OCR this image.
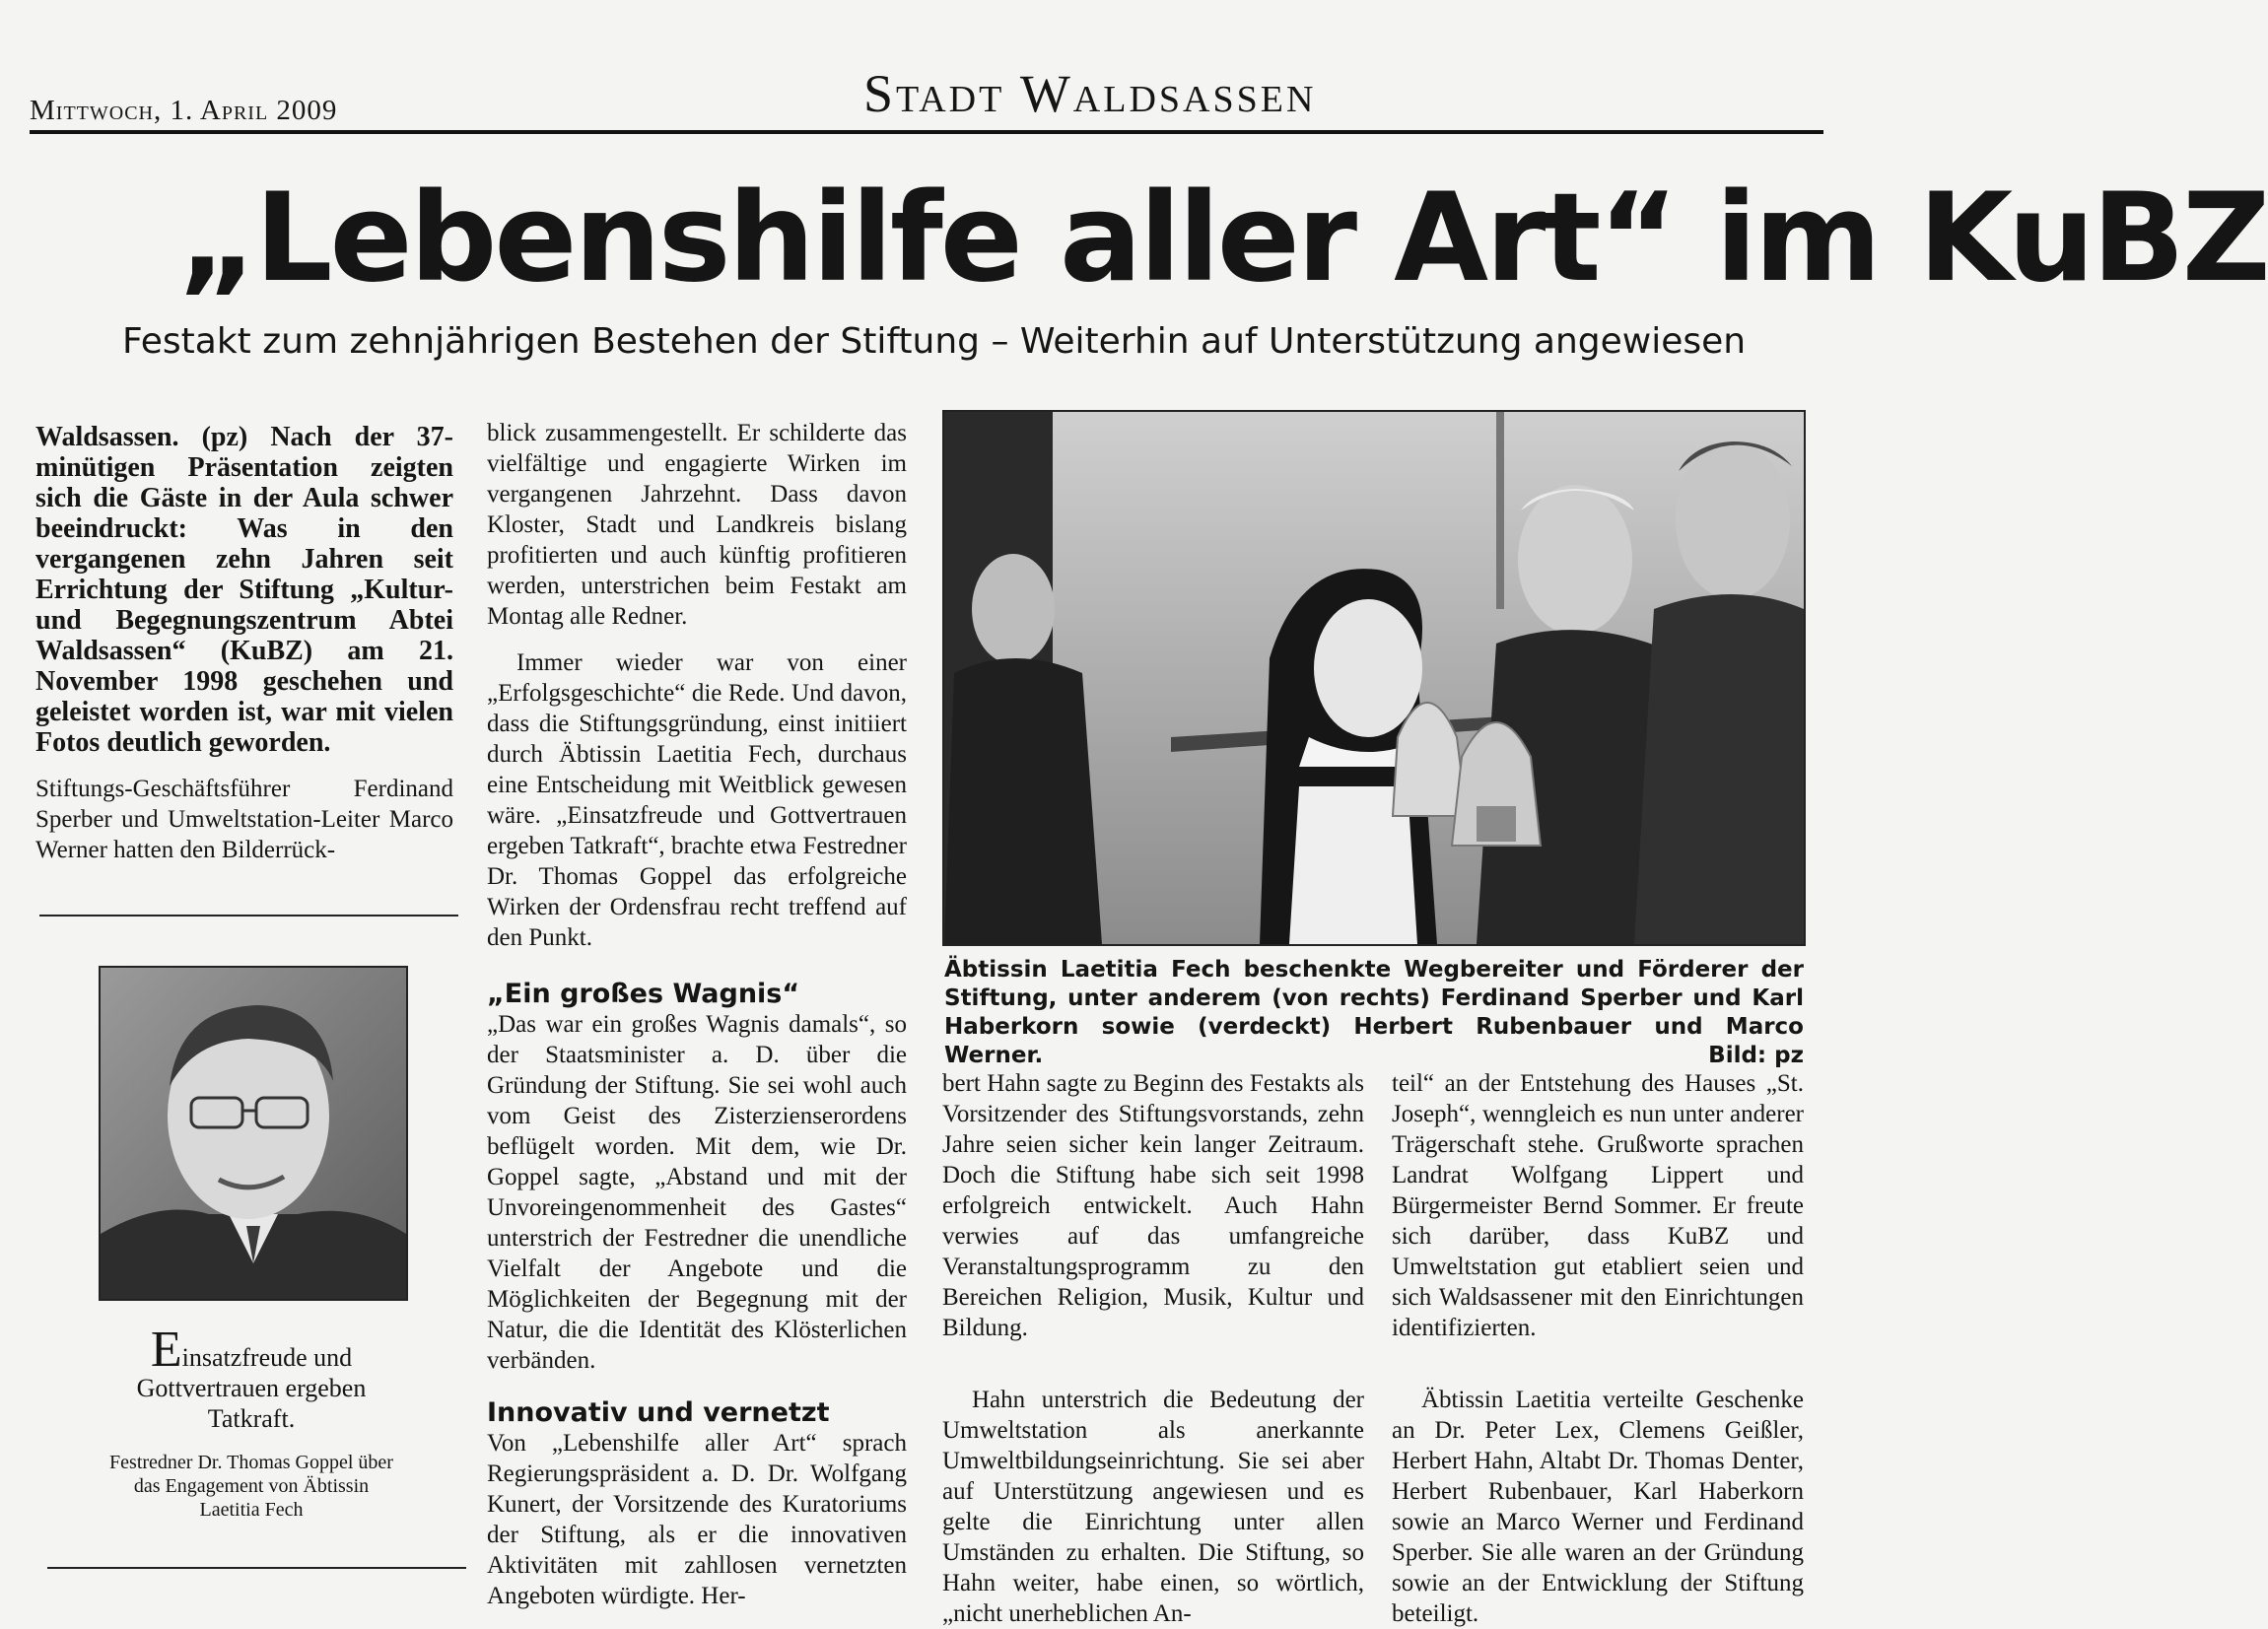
Mittwoch, 1. April 2009	Stadt Waldsassen
„Lebenshilfe aller Art“ im KuBZ
Festakt zum zehnjährigen Bestehen der Stiftung – Weiterhin auf Unterstützung angewiesen

Waldsassen. (pz) Nach der 37-minütigen Präsentation zeigten sich die Gäste in der Aula schwer beeindruckt: Was in den vergangenen zehn Jahren seit Errichtung der Stiftung „Kultur- und Begegnungszentrum Abtei Waldsassen“ (KuBZ) am 21. November 1998 geschehen und geleistet worden ist, war mit vielen Fotos deutlich geworden.

Stiftungs-Geschäftsführer Ferdinand Sperber und Umweltstation-Leiter Marco Werner hatten den Bilderrück-

Einsatzfreude und Gottvertrauen ergeben Tatkraft.
Festredner Dr. Thomas Goppel über das Engagement von Äbtissin Laetitia Fech

blick zusammengestellt. Er schilderte das vielfältige und engagierte Wirken im vergangenen Jahrzehnt. Dass davon Kloster, Stadt und Landkreis bislang profitierten und auch künftig profitieren werden, unterstrichen beim Festakt am Montag alle Redner.

Immer wieder war von einer „Erfolgsgeschichte“ die Rede. Und davon, dass die Stiftungsgründung, einst initiiert durch Äbtissin Laetitia Fech, durchaus eine Entscheidung mit Weitblick gewesen wäre. „Einsatzfreude und Gottvertrauen ergeben Tatkraft“, brachte etwa Festredner Dr. Thomas Goppel das erfolgreiche Wirken der Ordensfrau recht treffend auf den Punkt.

„Ein großes Wagnis“

„Das war ein großes Wagnis damals“, so der Staatsminister a. D. über die Gründung der Stiftung. Sie sei wohl auch vom Geist des Zisterzienserordens beflügelt worden. Mit dem, wie Dr. Goppel sagte, „Abstand und mit der Unvoreingenommenheit des Gastes“ unterstrich der Festredner die unendliche Vielfalt der Angebote und die Möglichkeiten der Begegnung mit der Natur, die die Identität des Klösterlichen verbänden.

Innovativ und vernetzt

Von „Lebenshilfe aller Art“ sprach Regierungspräsident a. D. Dr. Wolfgang Kunert, der Vorsitzende des Kuratoriums der Stiftung, als er die innovativen Aktivitäten mit zahllosen vernetzten Angeboten würdigte. Her-

Äbtissin Laetitia Fech beschenkte Wegbereiter und Förderer der Stiftung, unter anderem (von rechts) Ferdinand Sperber und Karl Haberkorn sowie (verdeckt) Herbert Rubenbauer und Marco Werner.	Bild: pz

bert Hahn sagte zu Beginn des Festakts als Vorsitzender des Stiftungsvorstands, zehn Jahre seien sicher kein langer Zeitraum. Doch die Stiftung habe sich seit 1998 erfolgreich entwickelt. Auch Hahn verwies auf das umfangreiche Veranstaltungsprogramm zu den Bereichen Religion, Musik, Kultur und Bildung.

Hahn unterstrich die Bedeutung der Umweltstation als anerkannte Umweltbildungseinrichtung. Sie sei aber auf Unterstützung angewiesen und es gelte die Einrichtung unter allen Umständen zu erhalten. Die Stiftung, so Hahn weiter, habe einen, so wörtlich, „nicht unerheblichen An-

teil“ an der Entstehung des Hauses „St. Joseph“, wenngleich es nun unter anderer Trägerschaft stehe. Grußworte sprachen Landrat Wolfgang Lippert und Bürgermeister Bernd Sommer. Er freute sich darüber, dass KuBZ und Umweltstation gut etabliert seien und sich Waldsassener mit den Einrichtungen identifizierten.

Äbtissin Laetitia verteilte Geschenke an Dr. Peter Lex, Clemens Geißler, Herbert Hahn, Altabt Dr. Thomas Denter, Herbert Rubenbauer, Karl Haberkorn sowie an Marco Werner und Ferdinand Sperber. Sie alle waren an der Gründung sowie an der Entwicklung der Stiftung beteiligt.
